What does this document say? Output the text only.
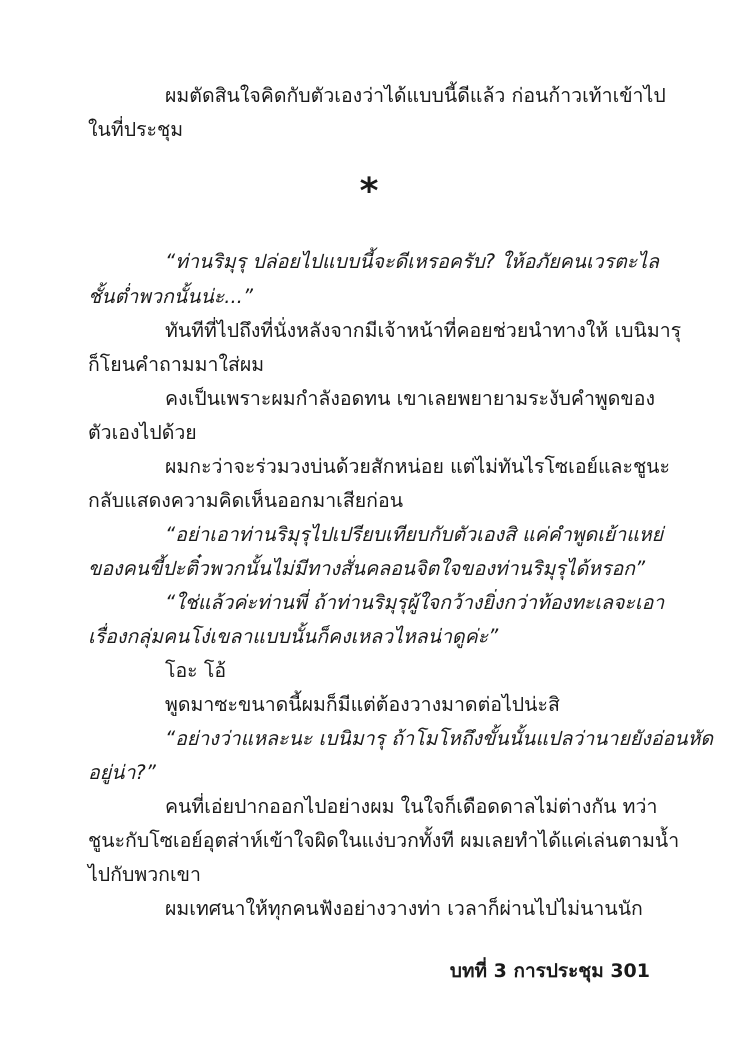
ผมตัดสินใจคิดกับตัวเองว่าได้แบบนี้ดีแล้ว ก่อนก้าวเท้าเข้าไป
ในที่ประชุม
*
“ท่านริมุรุ ปล่อยไปแบบนี้จะดีเหรอครับ? ให้อภัยคนเวรตะไล
ชั้นต่ำพวกนั้นน่ะ...”
ทันทีที่ไปถึงที่นั่งหลังจากมีเจ้าหน้าที่คอยช่วยนำทางให้ เบนิมารุ
ก็โยนคำถามมาใส่ผม
คงเป็นเพราะผมกำลังอดทน เขาเลยพยายามระงับคำพูดของ
ตัวเองไปด้วย
ผมกะว่าจะร่วมวงบ่นด้วยสักหน่อย แต่ไม่ทันไรโซเอย์และชูนะ
กลับแสดงความคิดเห็นออกมาเสียก่อน
“อย่าเอาท่านริมุรุไปเปรียบเทียบกับตัวเองสิ แค่คำพูดเย้าแหย่
ของคนขี้ปะติ๋วพวกนั้นไม่มีทางสั่นคลอนจิตใจของท่านริมุรุได้หรอก”
“ใช่แล้วค่ะท่านพี่ ถ้าท่านริมุรุผู้ใจกว้างยิ่งกว่าท้องทะเลจะเอา
เรื่องกลุ่มคนโง่เขลาแบบนั้นก็คงเหลวไหลน่าดูค่ะ”
โอะ โอ้
พูดมาซะขนาดนี้ผมก็มีแต่ต้องวางมาดต่อไปน่ะสิ
“อย่างว่าแหละนะ เบนิมารุ ถ้าโมโหถึงขั้นนั้นแปลว่านายยังอ่อนหัด
อยู่น่า?”
คนที่เอ่ยปากออกไปอย่างผม ในใจก็เดือดดาลไม่ต่างกัน ทว่า
ชูนะกับโซเอย์อุตส่าห์เข้าใจผิดในแง่บวกทั้งที ผมเลยทำได้แค่เล่นตามน้ำ
ไปกับพวกเขา
ผมเทศนาให้ทุกคนฟังอย่างวางท่า เวลาก็ผ่านไปไม่นานนัก
บทที่ 3 การประชุม 301
